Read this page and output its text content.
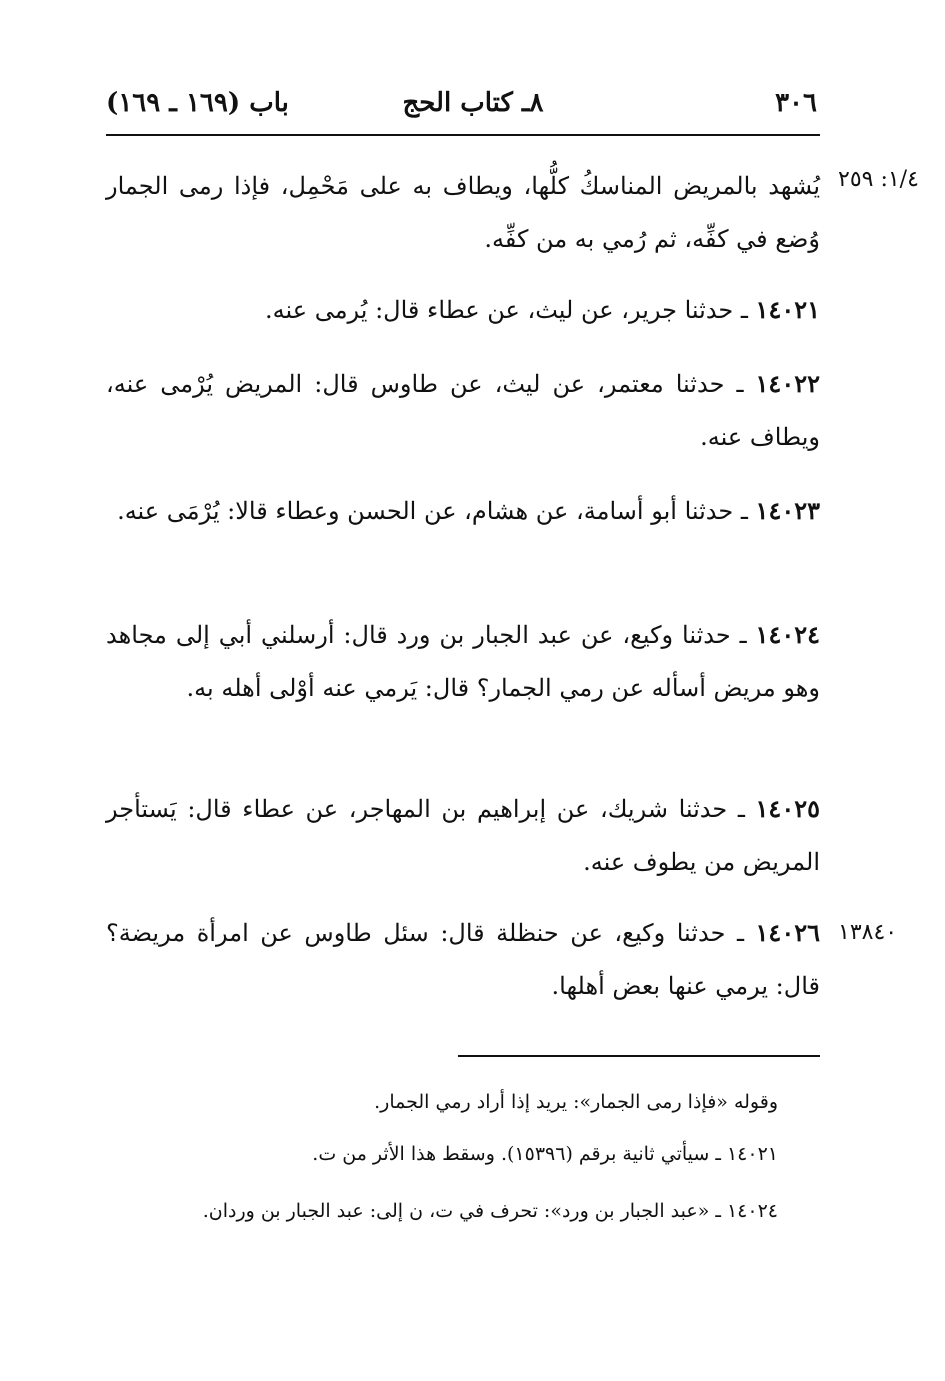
٣٠٦
٨ـ كتاب الحج
باب (١٦٩ ـ ١٦٩)
١/٤: ٢٥٩
يُشهد بالمريض المناسكُ كلُّها، ويطاف به على مَحْمِل، فإذا رمى الجمار وُضع في كفِّه، ثم رُمي به من كفِّه.
١٤٠٢١ ـ حدثنا جرير، عن ليث، عن عطاء قال: يُرمى عنه.
١٤٠٢٢ ـ حدثنا معتمر، عن ليث، عن طاوس قال: المريض يُرْمى عنه، ويطاف عنه.
١٤٠٢٣ ـ حدثنا أبو أسامة، عن هشام، عن الحسن وعطاء قالا: يُرْمَى عنه.
١٤٠٢٤ ـ حدثنا وكيع، عن عبد الجبار بن ورد قال: أرسلني أبي إلى مجاهد وهو مريض أسأله عن رمي الجمار؟ قال: يَرمي عنه أوْلى أهله به.
١٤٠٢٥ ـ حدثنا شريك، عن إبراهيم بن المهاجر، عن عطاء قال: يَستأجر المريض من يطوف عنه.
١٣٨٤٠
١٤٠٢٦ ـ حدثنا وكيع، عن حنظلة قال: سئل طاوس عن امرأة مريضة؟ قال: يرمي عنها بعض أهلها.
وقوله «فإذا رمى الجمار»: يريد إذا أراد رمي الجمار.
١٤٠٢١ ـ سيأتي ثانية برقم (١٥٣٩٦). وسقط هذا الأثر من ت.
١٤٠٢٤ ـ «عبد الجبار بن ورد»: تحرف في ت، ن إلى: عبد الجبار بن وردان.
